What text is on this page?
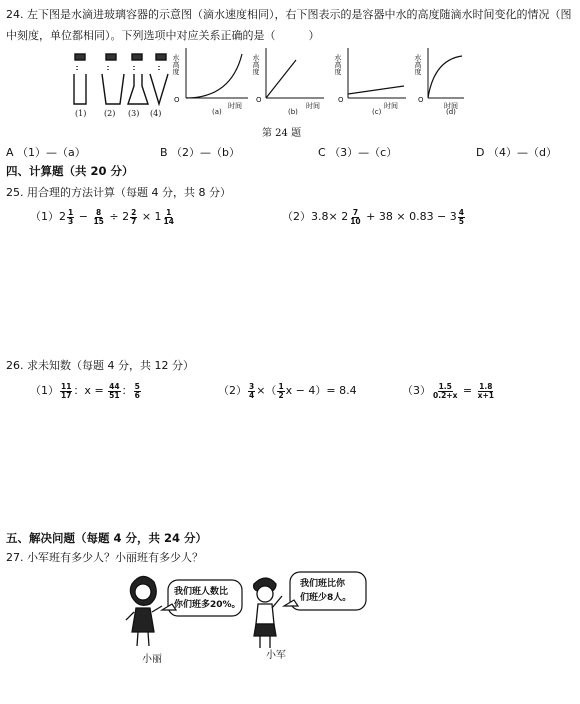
24. 左下图是水滴进玻璃容器的示意图（滴水速度相同），右下图表示的是容器中水的高度随滴水时间变化的情况（图中刻度，单位都相同）。下列选项中对应关系正确的是（　　　）
(1) (2) (3) (4)
O
水高度
时间
(a)
O
水高度
时间
(b)
O
水高度
时间
(c)
O
水高度
时间
(d)
第 24 题
A （1）—（a）	B （2）—（b）	C （3）—（c）	D （4）—（d）
四、计算题（共 20 分）
25. 用合理的方法计算（每题 4 分，共 8 分）
$(1)2 \frac{1}{3} - \frac{8}{15} \div 2 \frac{2}{7} \times 1 \frac{1}{14}$	$(2)3.8\times 2 \frac{7}{10} + 38 \times 0.83 - 3 \frac{4}{5}$
26. 求未知数（每题 4 分，共 12 分）
$(1) \frac{11}{17}$ ：$x = \frac{44}{51}$ ： $\frac{5}{6}$	$(2) \frac{3}{4}$ ×（ $\frac{1}{2}$ x − 4）= 8.4	$(3) \frac{1.5}{0.2+x} = \frac{1.8}{x+1}$
五、解决问题（每题 4 分，共 24 分）
27. 小军班有多少人？小丽班有多少人？
我们班人数比
你们班多20%。
我们班比你
们班少8人。
小丽	小军
